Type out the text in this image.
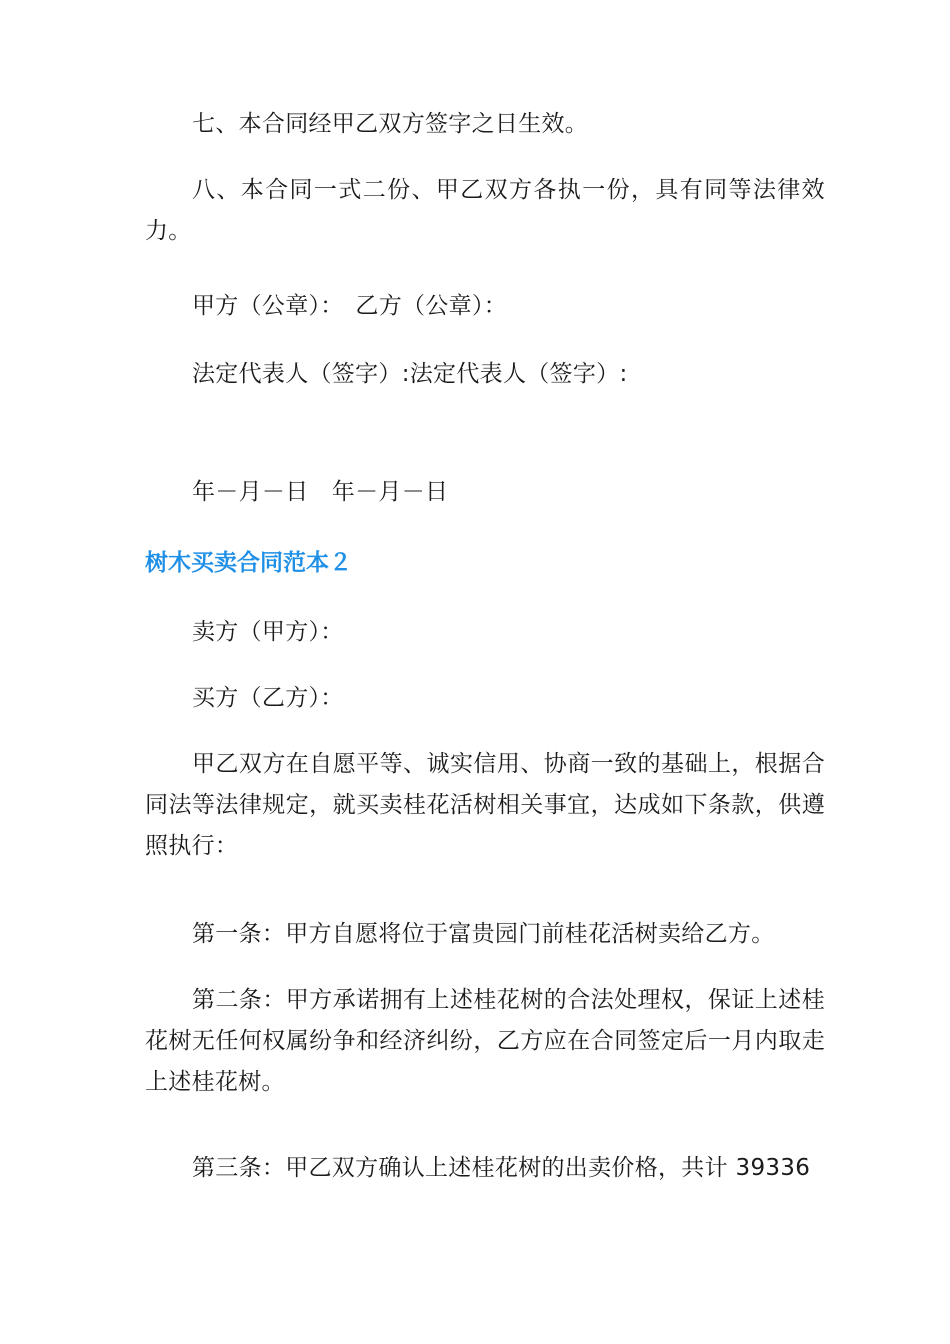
七、本合同经甲乙双方签字之日生效。

八、本合同一式二份、甲乙双方各执一份，具有同等法律效力。

甲方（公章）：　乙方（公章）：

法定代表人（签字）:法定代表人（签字）:

年－月－日　年－月－日

树木买卖合同范本２

卖方（甲方）：

买方（乙方）：

甲乙双方在自愿平等、诚实信用、协商一致的基础上，根据合同法等法律规定，就买卖桂花活树相关事宜，达成如下条款，供遵照执行：

第一条：甲方自愿将位于富贵园门前桂花活树卖给乙方。

第二条：甲方承诺拥有上述桂花树的合法处理权，保证上述桂花树无任何权属纷争和经济纠纷，乙方应在合同签定后一月内取走上述桂花树。

第三条：甲乙双方确认上述桂花树的出卖价格，共计 39336
